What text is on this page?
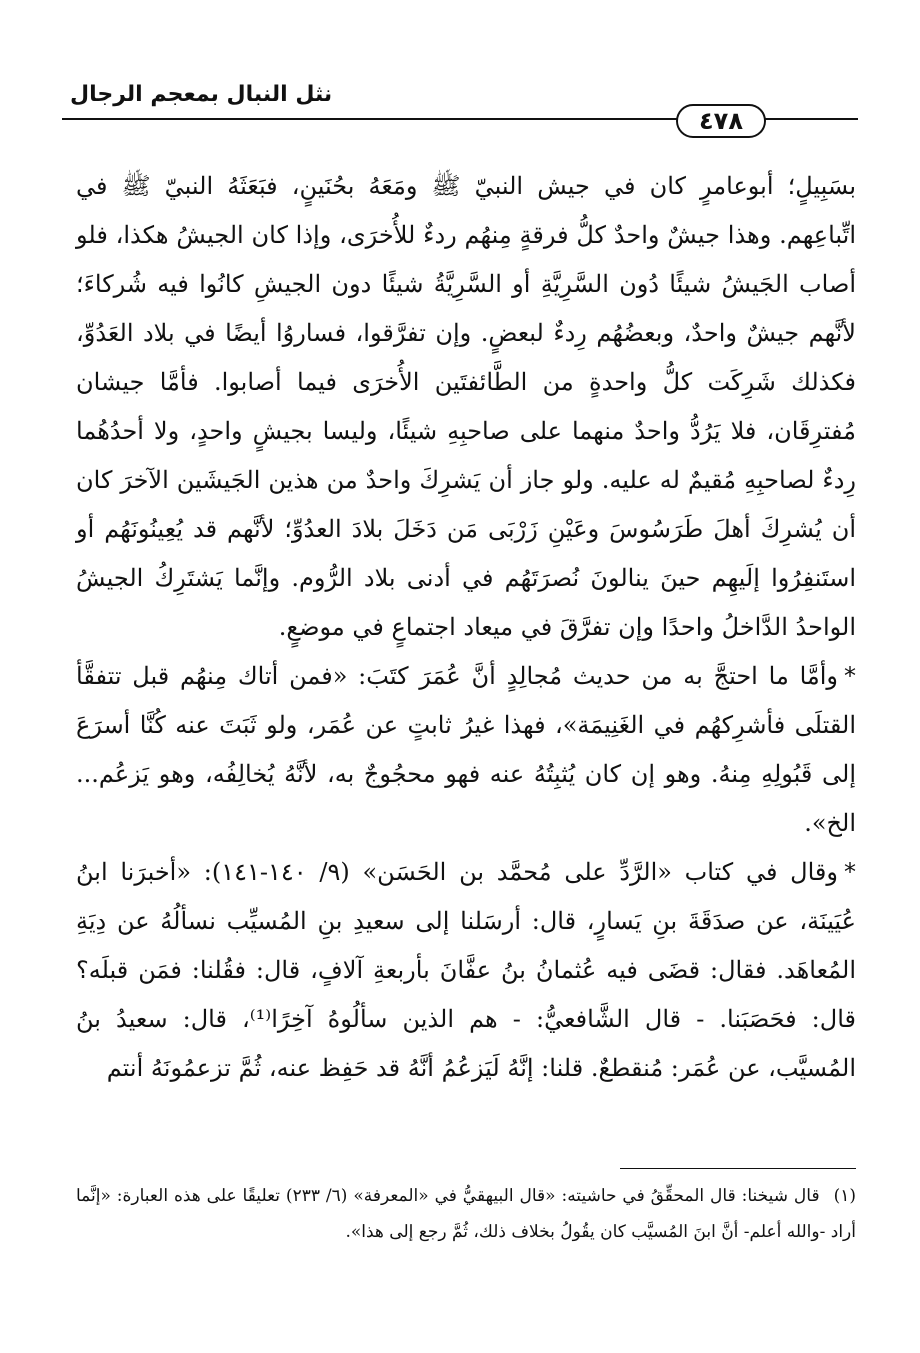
نثل النبال بمعجم الرجال
٤٧٨

بسَبِيلٍ؛ أبوعامرٍ كان في جيش النبيّ ﷺ ومَعَهُ بحُنَينٍ، فبَعَثَهُ النبيّ ﷺ في اتِّباعِهم. وهذا جيشٌ واحدٌ كلُّ فرقةٍ مِنهُم ردءٌ للأُخرَى، وإذا كان الجيشُ هكذا، فلو أصاب الجَيشُ شيئًا دُون السَّرِيَّةِ أو السَّرِيَّةُ شيئًا دون الجيشِ كانُوا فيه شُركاءَ؛ لأنَّهم جيشٌ واحدٌ، وبعضُهُم رِدءٌ لبعضٍ. وإن تفرَّقوا، فساروُا أيضًا في بلاد العَدُوِّ، فكذلك شَرِكَت كلُّ واحدةٍ من الطَّائفتَين الأُخرَى فيما أصابوا. فأمَّا جيشان مُفترِقَان، فلا يَرُدُّ واحدٌ منهما على صاحبِهِ شيئًا، وليسا بجيشٍ واحدٍ، ولا أحدُهُما رِدءٌ لصاحبِهِ مُقيمٌ له عليه. ولو جاز أن يَشرِكَ واحدٌ من هذين الجَيشَين الآخرَ كان أن يُشرِكَ أهلَ طَرَسُوسَ وعَيْنِ زَرْبَى مَن دَخَلَ بلادَ العدُوِّ؛ لأنَّهم قد يُعِينُونَهُم أو استَنفِرُوا إلَيهِم حينَ ينالونَ نُصرَتَهُم في أدنى بلاد الرُّوم. وإنَّما يَشتَرِكُ الجيشُ الواحدُ الدَّاخلُ واحدًا وإن تفرَّقَ في ميعاد اجتماعٍ في موضعٍ.

*وأمَّا ما احتجَّ به من حديث مُجالِدٍ أنَّ عُمَرَ كتَبَ: «فمن أتاك مِنهُم قبل تتفقَّأ القتلَى فأشرِكهُم في الغَنِيمَة»، فهذا غيرُ ثابتٍ عن عُمَر، ولو ثَبَتَ عنه كُنَّا أسرَعَ إلى قَبُولِهِ مِنهُ. وهو إن كان يُثبِتُهُ عنه فهو محجُوجٌ به، لأنَّهُ يُخالِفُه، وهو يَزعُم... الخ».

*وقال في كتاب «الرَّدِّ على مُحمَّد بن الحَسَن» (٩/ ١٤٠-١٤١): «أخبرَنا ابنُ عُيَينَة، عن صدَقَةَ بنِ يَسارٍ، قال: أرسَلنا إلى سعيدِ بنِ المُسيِّب نسألُهُ عن دِيَةِ المُعاهَد. فقال: قضَى فيه عُثمانُ بنُ عفَّانَ بأربعةِ آلافٍ، قال: فقُلنا: فمَن قبلَه؟ قال: فحَصَبَنا. - قال الشَّافعيُّ: - هم الذين سألُوهُ آخِرًا⁽¹⁾، قال: سعيدُ بنُ المُسيَّب، عن عُمَر: مُنقطعٌ. قلنا: إنَّهُ لَيَزعُمُ أنَّهُ قد حَفِظ عنه، ثُمَّ تزعمُونَهُ أنتم

(١)قال شيخنا: قال المحقِّقُ في حاشيته: «قال البيهقيُّ في «المعرفة» (٦/ ٢٣٣) تعليقًا على هذه العبارة: «إنَّما أراد -والله أعلم- أنَّ ابنَ المُسيَّب كان يقُولُ بخلاف ذلك، ثُمَّ رجع إلى هذا».
